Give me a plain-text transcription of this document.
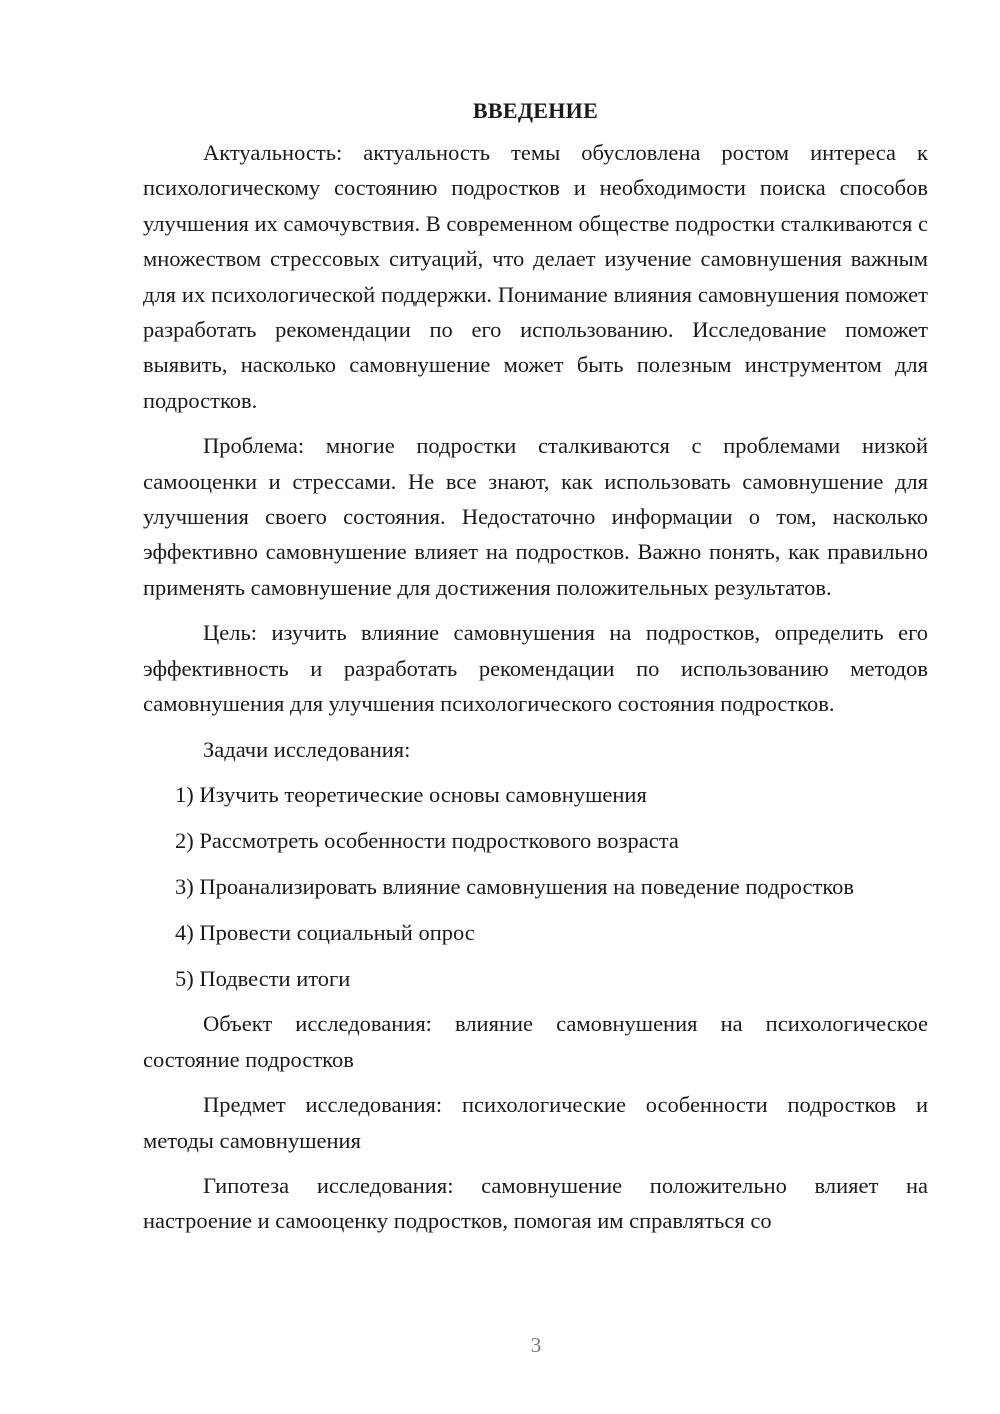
ВВЕДЕНИЕ

Актуальность: актуальность темы обусловлена ростом интереса к психологическому состоянию подростков и необходимости поиска способов улучшения их самочувствия. В современном обществе подростки сталкиваются с множеством стрессовых ситуаций, что делает изучение самовнушения важным для их психологической поддержки. Понимание влияния самовнушения поможет разработать рекомендации по его использованию. Исследование поможет выявить, насколько самовнушение может быть полезным инструментом для подростков.

Проблема: многие подростки сталкиваются с проблемами низкой самооценки и стрессами. Не все знают, как использовать самовнушение для улучшения своего состояния. Недостаточно информации о том, насколько эффективно самовнушение влияет на подростков. Важно понять, как правильно применять самовнушение для достижения положительных результатов.

Цель: изучить влияние самовнушения на подростков, определить его эффективность и разработать рекомендации по использованию методов самовнушения для улучшения психологического состояния подростков.

Задачи исследования:
1) Изучить теоретические основы самовнушения
2) Рассмотреть особенности подросткового возраста
3) Проанализировать влияние самовнушения на поведение подростков
4) Провести социальный опрос
5) Подвести итоги

Объект исследования: влияние самовнушения на психологическое состояние подростков

Предмет исследования: психологические особенности подростков и методы самовнушения

Гипотеза исследования: самовнушение положительно влияет на настроение и самооценку подростков, помогая им справляться со

3
